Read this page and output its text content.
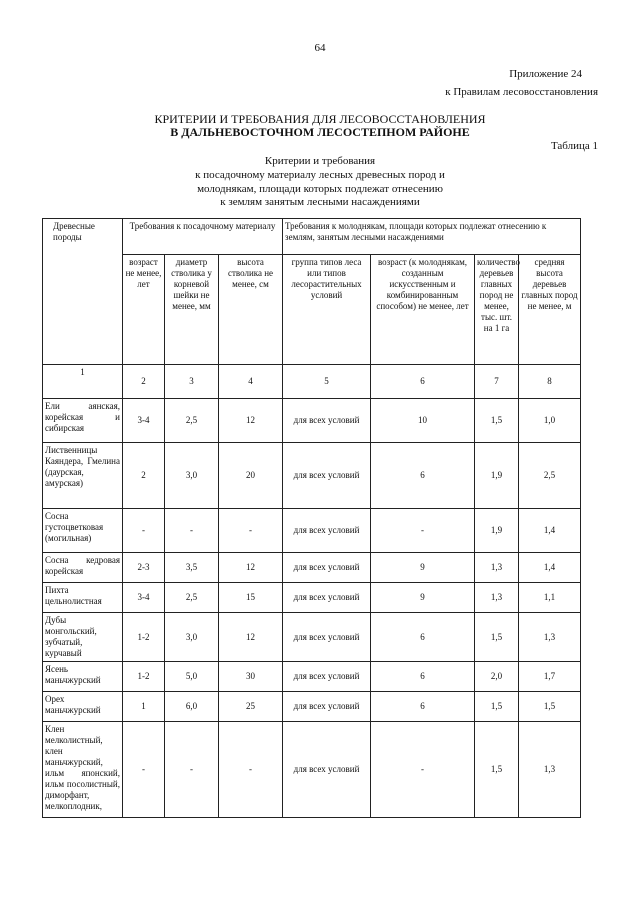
64
Приложение 24
к Правилам лесовосстановления
КРИТЕРИИ И ТРЕБОВАНИЯ ДЛЯ ЛЕСОВОССТАНОВЛЕНИЯ
В ДАЛЬНЕВОСТОЧНОМ ЛЕСОСТЕПНОМ РАЙОНЕ
Таблица 1
Критерии и требования
к посадочному материалу лесных древесных пород и
молоднякам, площади которых подлежат отнесению
к землям занятым лесными насаждениями
Древесные породы	Требования к посадочному материалу			Требования к молоднякам, площади которых подлежат отнесению к землям, занятым лесными насаждениями			
	возраст не менее, лет	диаметр стволика у корневой шейки не менее, мм	высота стволика не менее, см	группа типов леса или типов лесорастительных условий	возраст (к молоднякам, созданным искусственным и комбинированным способом) не менее, лет	количество деревьев главных пород не менее, тыс. шт. на 1 га	средняя высота деревьев главных пород не менее, м
1	2	3	4	5	6	7	8
Ели аянская, корейская и сибирская	3-4	2,5	12	для всех условий	10	1,5	1,0
Лиственницы Каяндера, Гмелина (даурская, амурская)	2	3,0	20	для всех условий	6	1,9	2,5
Сосна густоцветковая (могильная)	-	-	-	для всех условий	-	1,9	1,4
Сосна кедровая корейская	2-3	3,5	12	для всех условий	9	1,3	1,4
Пихта цельнолистная	3-4	2,5	15	для всех условий	9	1,3	1,1
Дубы монгольский, зубчатый, курчавый	1-2	3,0	12	для всех условий	6	1,5	1,3
Ясень маньчжурский	1-2	5,0	30	для всех условий	6	2,0	1,7
Орех маньчжурский	1	6,0	25	для всех условий	6	1,5	1,5
Клен мелколистный, клен маньчжурский, ильм японский, ильм посолистный, диморфант, мелкоплодник,	-	-	-	для всех условий	-	1,5	1,3
